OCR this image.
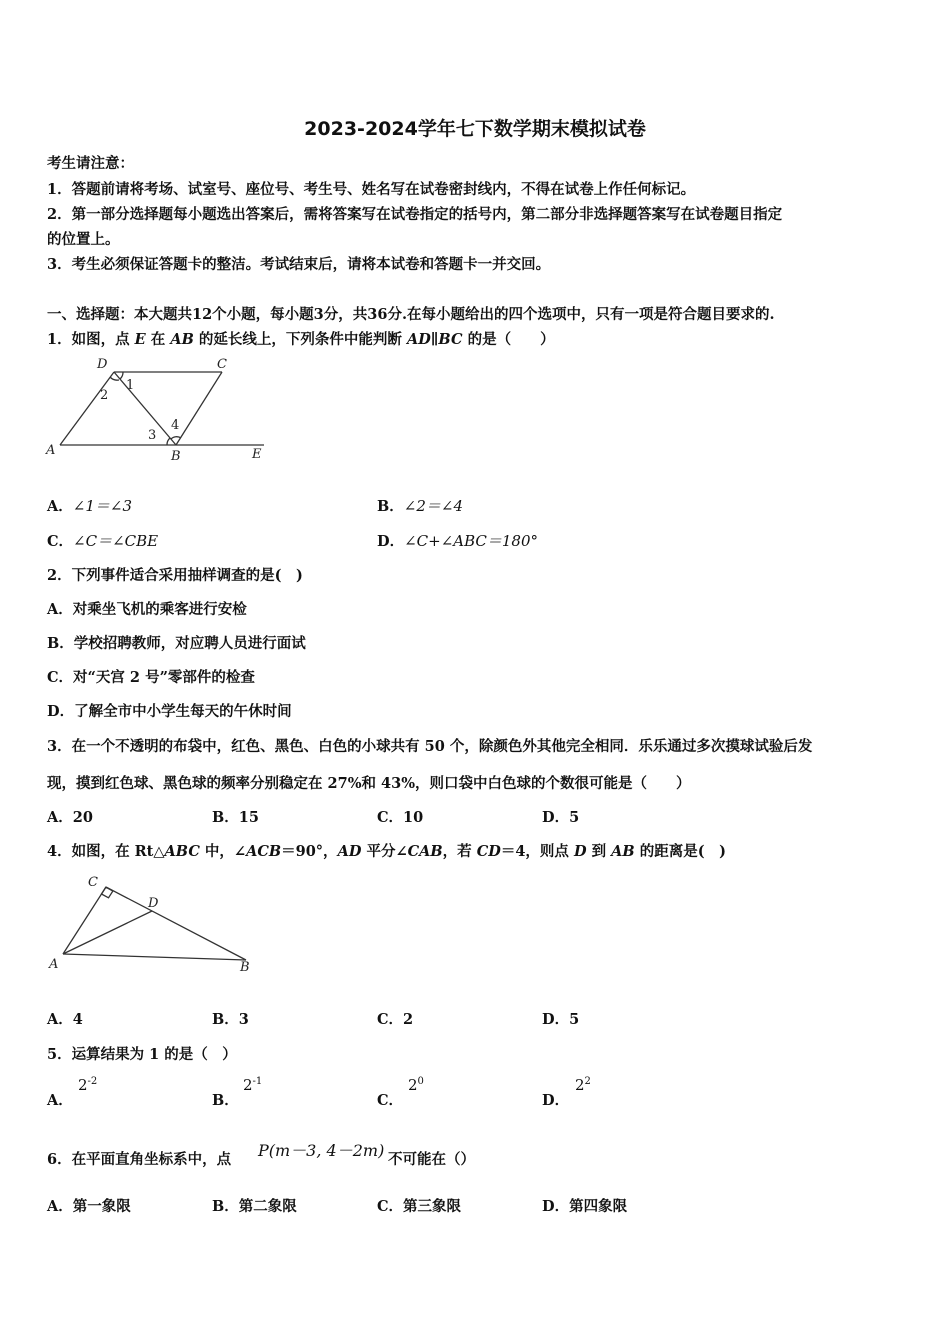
2023-2024学年七下数学期末模拟试卷
考生请注意：
1．答题前请将考场、试室号、座位号、考生号、姓名写在试卷密封线内，不得在试卷上作任何标记。
2．第一部分选择题每小题选出答案后，需将答案写在试卷指定的括号内，第二部分非选择题答案写在试卷题目指定
的位置上。
3．考生必须保证答题卡的整洁。考试结束后，请将本试卷和答题卡一并交回。
一、选择题：本大题共12个小题，每小题3分，共36分.在每小题给出的四个选项中，只有一项是符合题目要求的.
1．如图，点 E 在 AB 的延长线上，下列条件中能判断 AD∥BC 的是（　　）
D	C
1
2
3
4
A	B	E
A．∠1＝∠3	B．∠2＝∠4
C．∠C＝∠CBE	D．∠C+∠ABC＝180°
2．下列事件适合采用抽样调查的是(　)
A．对乘坐飞机的乘客进行安检
B．学校招聘教师，对应聘人员进行面试
C．对“天宫 2 号”零部件的检查
D．了解全市中小学生每天的午休时间
3．在一个不透明的布袋中，红色、黑色、白色的小球共有 50 个，除颜色外其他完全相同．乐乐通过多次摸球试验后发
现，摸到红色球、黑色球的频率分别稳定在 27%和 43%，则口袋中白色球的个数很可能是（　　）
A．20	B．15	C．10	D．5
4．如图，在 Rt△ABC 中，∠ACB＝90°，AD 平分∠CAB，若 CD＝4，则点 D 到 AB 的距离是(　)
C
D
A	B
A．4	B．3	C．2	D．5
5．运算结果为 1 的是（　）
A．
$2^{-2}$
B．
$2^{-1}$
C．
$2^0$
D．
$2^2$
6．在平面直角坐标系中，点 P(m－3, 4－2m) 不可能在（）
A．第一象限	B．第二象限	C．第三象限	D．第四象限
